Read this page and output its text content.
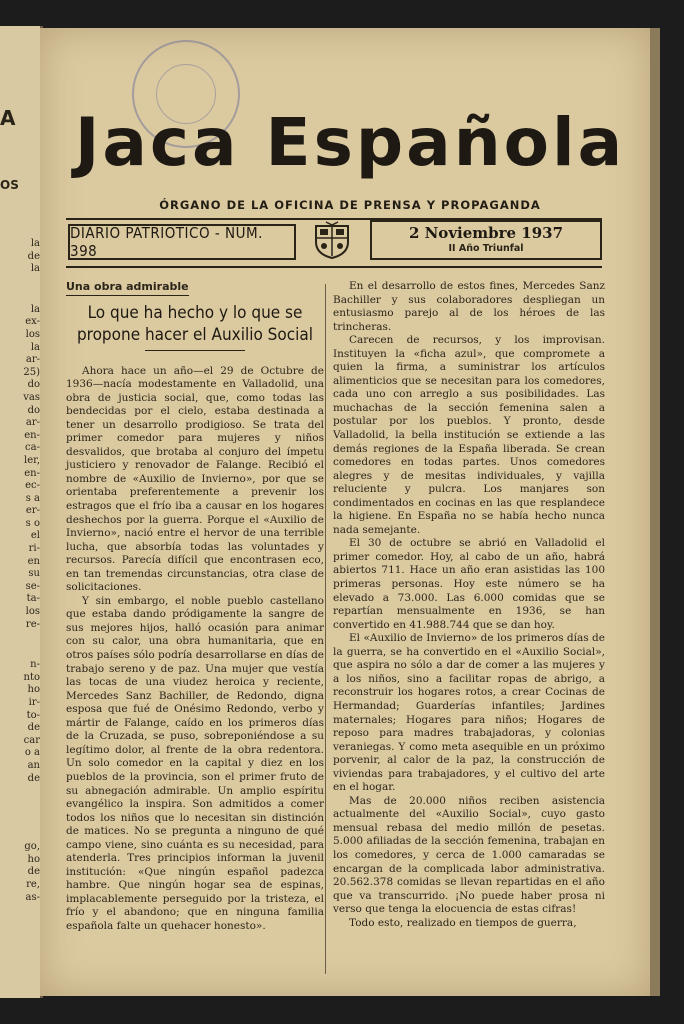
A
OS
la
de
la
la
ex-
los
la
ar-
25)
do
vas
do
ar-
en-
ca-
ler,
en-
ec-
s a
er-
s o
el
ri-
en
su
se-
ta-
los
re-
n-
nto
ho
ir-
to-
de
car
o a
an
de
go,
ho
de
re,
as-
Jaca Española
ÓRGANO DE LA OFICINA DE PRENSA Y PROPAGANDA
DIARIO PATRIOTICO - NUM. 398
2 Noviembre 1937
II Año Triunfal
Una obra admirable
Lo que ha hecho y lo que se propone hacer el Auxilio Social

Ahora hace un año—el 29 de Octubre de 1936—nacía modestamente en Valladolid, una obra de justicia social, que, como todas las bendecidas por el cielo, estaba destinada a tener un desarrollo prodigioso. Se trata del primer comedor para mujeres y niños desvalidos, que brotaba al conjuro del ímpetu justiciero y renovador de Falange. Recibió el nombre de «Auxilio de Invierno», por que se orientaba preferentemente a prevenir los estragos que el frío iba a causar en los hogares deshechos por la guerra. Porque el «Auxilio de Invierno», nació entre el hervor de una terrible lucha, que absorbía todas las voluntades y recursos. Parecía difícil que encontrasen eco, en tan tremendas circunstancias, otra clase de solicitaciones.

Y sin embargo, el noble pueblo castellano que estaba dando pródigamente la sangre de sus mejores hijos, halló ocasión para animar con su calor, una obra humanitaria, que en otros países sólo podría desarrollarse en días de trabajo sereno y de paz. Una mujer que vestía las tocas de una viudez heroica y reciente, Mercedes Sanz Bachiller, de Redondo, digna esposa que fué de Onésimo Redondo, verbo y mártir de Falange, caído en los primeros días de la Cruzada, se puso, sobreponiéndose a su legítimo dolor, al frente de la obra redentora. Un solo comedor en la capital y diez en los pueblos de la provincia, son el primer fruto de su abnegación admirable. Un amplio espíritu evangélico la inspira. Son admitidos a comer todos los niños que lo necesitan sin distinción de matices. No se pregunta a ninguno de qué campo viene, sino cuánta es su necesidad, para atenderla. Tres principios informan la juvenil institución: «Que ningún español padezca hambre. Que ningún hogar sea de espinas, implacablemente perseguido por la tristeza, el frío y el abandono; que en ninguna familia española falte un quehacer honesto».

En el desarrollo de estos fines, Mercedes Sanz Bachiller y sus colaboradores despliegan un entusiasmo parejo al de los héroes de las trincheras.

Carecen de recursos, y los improvisan. Instituyen la «ficha azul», que compromete a quien la firma, a suministrar los artículos alimenticios que se necesitan para los comedores, cada uno con arreglo a sus posibilidades. Las muchachas de la sección femenina salen a postular por los pueblos. Y pronto, desde Valladolid, la bella institución se extiende a las demás regiones de la España liberada. Se crean comedores en todas partes. Unos comedores alegres y de mesitas individuales, y vajilla reluciente y pulcra. Los manjares son condimentados en cocinas en las que resplandece la higiene. En España no se había hecho nunca nada semejante.

El 30 de octubre se abrió en Valladolid el primer comedor. Hoy, al cabo de un año, habrá abiertos 711. Hace un año eran asistidas las 100 primeras personas. Hoy este número se ha elevado a 73.000. Las 6.000 comidas que se repartían mensualmente en 1936, se han convertido en 41.988.744 que se dan hoy.

El «Auxilio de Invierno» de los primeros días de la guerra, se ha convertido en el «Auxilio Social», que aspira no sólo a dar de comer a las mujeres y a los niños, sino a facilitar ropas de abrigo, a reconstruir los hogares rotos, a crear Cocinas de Hermandad; Guarderías infantiles; Jardines maternales; Hogares para niños; Hogares de reposo para madres trabajadoras, y colonias veraniegas. Y como meta asequible en un próximo porvenir, al calor de la paz, la construcción de viviendas para trabajadores, y el cultivo del arte en el hogar.

Mas de 20.000 niños reciben asistencia actualmente del «Auxilio Social», cuyo gasto mensual rebasa del medio millón de pesetas. 5.000 afiliadas de la sección femenina, trabajan en los comedores, y cerca de 1.000 camaradas se encargan de la complicada labor administrativa. 20.562.378 comidas se llevan repartidas en el año que va transcurrido. ¡No puede haber prosa ni verso que tenga la elocuencia de estas cifras!

Todo esto, realizado en tiempos de guerra,
